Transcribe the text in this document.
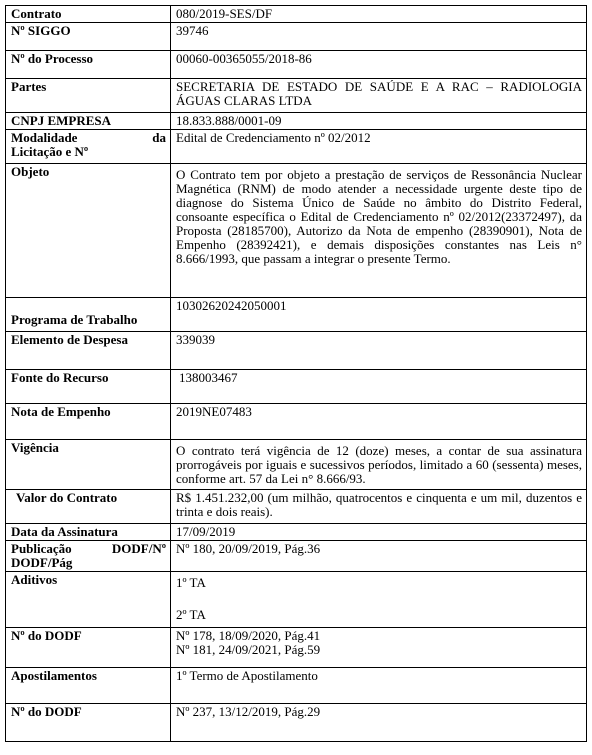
Contrato	080/2019-SES/DF
Nº SIGGO	39746
Nº do Processo	00060-00365055/2018-86
Partes	SECRETARIA DE ESTADO DE SAÚDE E A RAC – RADIOLOGIA ÁGUAS CLARAS LTDA
CNPJ EMPRESA	18.833.888/0001-09

Modalidade da
Licitação e Nº	Edital de Credenciamento nº 02/2012
Objeto	O Contrato tem por objeto a prestação de serviços de Ressonância Nuclear Magnética (RNM) de modo atender a necessidade urgente deste tipo de diagnose do Sistema Único de Saúde no âmbito do Distrito Federal, consoante específica o Edital de Credenciamento nº 02/2012(23372497), da Proposta (28185700), Autorizo da Nota de empenho (28390901), Nota de Empenho (28392421), e demais disposições constantes nas Leis n° 8.666/1993, que passam a integrar o presente Termo.
Programa de Trabalho	10302620242050001
Elemento de Despesa	339039
Fonte do Recurso	138003467
Nota de Empenho	2019NE07483
Vigência	O contrato terá vigência de 12 (doze) meses, a contar de sua assinatura prorrogáveis por iguais e sucessivos períodos, limitado a 60 (sessenta) meses, conforme art. 57 da Lei n° 8.666/93.
Valor do Contrato	R$ 1.451.232,00 (um milhão, quatrocentos e cinquenta e um mil, duzentos e trinta e dois reais).
Data da Assinatura	17/09/2019

Publicação DODF/Nº
DODF/Pág	Nº 180, 20/09/2019, Pág.36
Aditivos	1º TA
2º TA

Nº do DODF	Nº 178, 18/09/2020, Pág.41
Nº 181, 24/09/2021, Pág.59

Apostilamentos	1º Termo de Apostilamento
Nº do DODF	Nº 237, 13/12/2019, Pág.29
